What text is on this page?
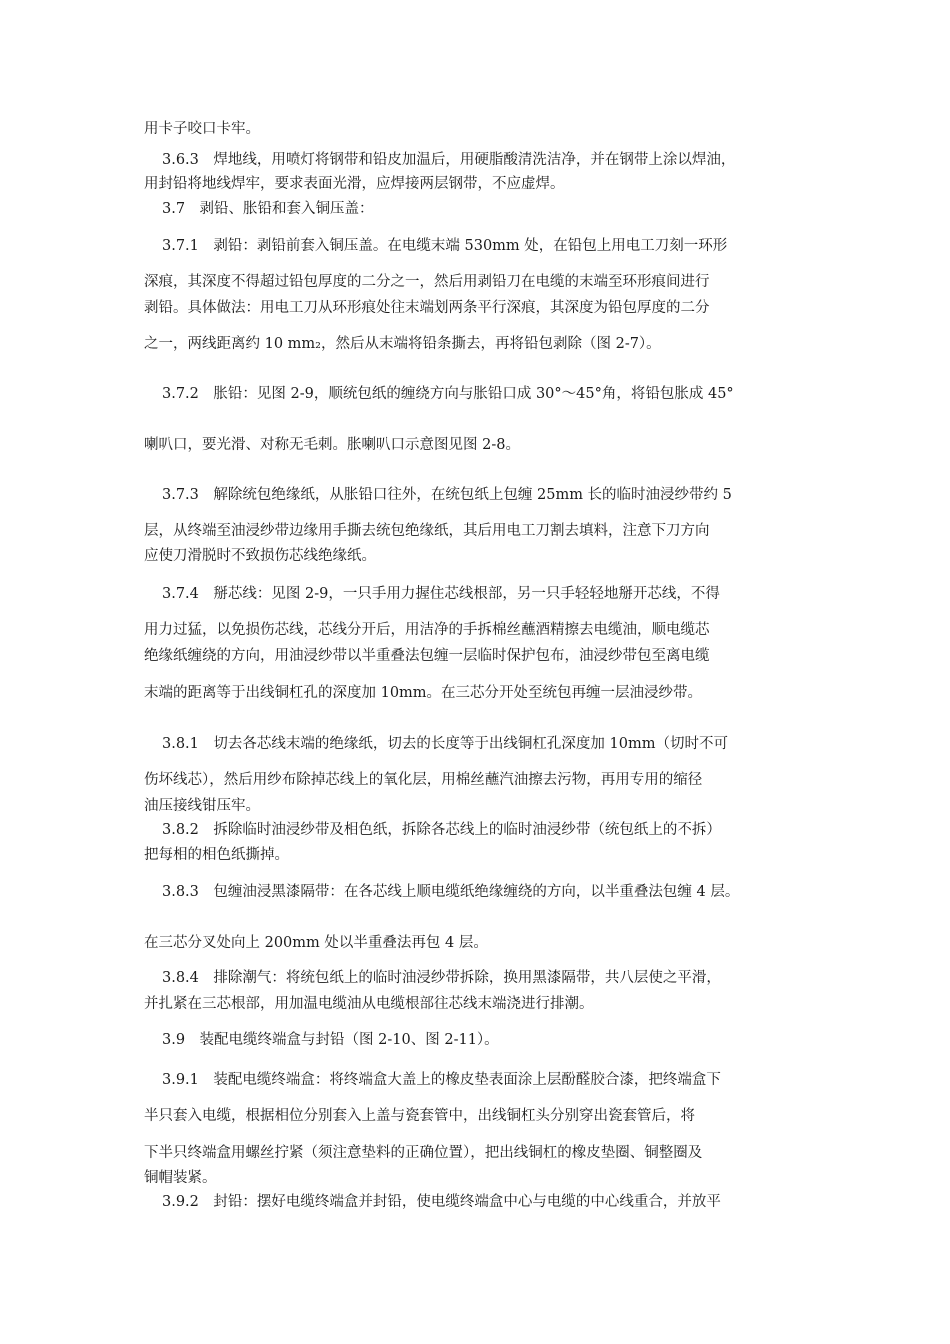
用卡子咬口卡牢。
3.6.3　焊地线，用喷灯将钢带和铅皮加温后，用硬脂酸清洗洁净，并在钢带上涂以焊油，
用封铅将地线焊牢，要求表面光滑，应焊接两层钢带，不应虚焊。
3.7　剥铅、胀铅和套入铜压盖：
3.7.1　剥铅：剥铅前套入铜压盖。在电缆末端 530mm 处，在铅包上用电工刀刻一环形
深痕，其深度不得超过铅包厚度的二分之一，然后用剥铅刀在电缆的末端至环形痕间进行
剥铅。具体做法：用电工刀从环形痕处往末端划两条平行深痕，其深度为铅包厚度的二分
之一，两线距离约 10 mm₂，然后从末端将铅条撕去，再将铅包剥除（图 2-7）。
3.7.2　胀铅：见图 2-9，顺统包纸的缠绕方向与胀铅口成 30°～45°角，将铅包胀成 45°
喇叭口，要光滑、对称无毛刺。胀喇叭口示意图见图 2-8。
3.7.3　解除统包绝缘纸，从胀铅口往外，在统包纸上包缠 25mm 长的临时油浸纱带约 5
层，从终端至油浸纱带边缘用手撕去统包绝缘纸，其后用电工刀割去填料，注意下刀方向
应使刀滑脱时不致损伤芯线绝缘纸。
3.7.4　掰芯线：见图 2-9，一只手用力握住芯线根部，另一只手轻轻地掰开芯线，不得
用力过猛，以免损伤芯线，芯线分开后，用洁净的手拆棉丝蘸酒精擦去电缆油，顺电缆芯
绝缘纸缠绕的方向，用油浸纱带以半重叠法包缠一层临时保护包布，油浸纱带包至离电缆
末端的距离等于出线铜杠孔的深度加 10mm。在三芯分开处至统包再缠一层油浸纱带。
3.8.1　切去各芯线末端的绝缘纸，切去的长度等于出线铜杠孔深度加 10mm（切时不可
伤坏线芯），然后用纱布除掉芯线上的氧化层，用棉丝蘸汽油擦去污物，再用专用的缩径
油压接线钳压牢。
3.8.2　拆除临时油浸纱带及相色纸，拆除各芯线上的临时油浸纱带（统包纸上的不拆）
把每相的相色纸撕掉。
3.8.3　包缠油浸黑漆隔带：在各芯线上顺电缆纸绝缘缠绕的方向，以半重叠法包缠 4 层。
在三芯分叉处向上 200mm 处以半重叠法再包 4 层。
3.8.4　排除潮气：将统包纸上的临时油浸纱带拆除，换用黑漆隔带，共八层使之平滑，
并扎紧在三芯根部，用加温电缆油从电缆根部往芯线末端浇进行排潮。
3.9　装配电缆终端盒与封铅（图 2-10、图 2-11）。
3.9.1　装配电缆终端盒：将终端盒大盖上的橡皮垫表面涂上层酚醛胶合漆，把终端盒下
半只套入电缆，根据相位分别套入上盖与瓷套管中，出线铜杠头分别穿出瓷套管后，将
下半只终端盒用螺丝拧紧（须注意垫料的正确位置），把出线铜杠的橡皮垫圈、铜整圈及
铜帽装紧。
3.9.2　封铅：摆好电缆终端盒并封铅，使电缆终端盒中心与电缆的中心线重合，并放平
